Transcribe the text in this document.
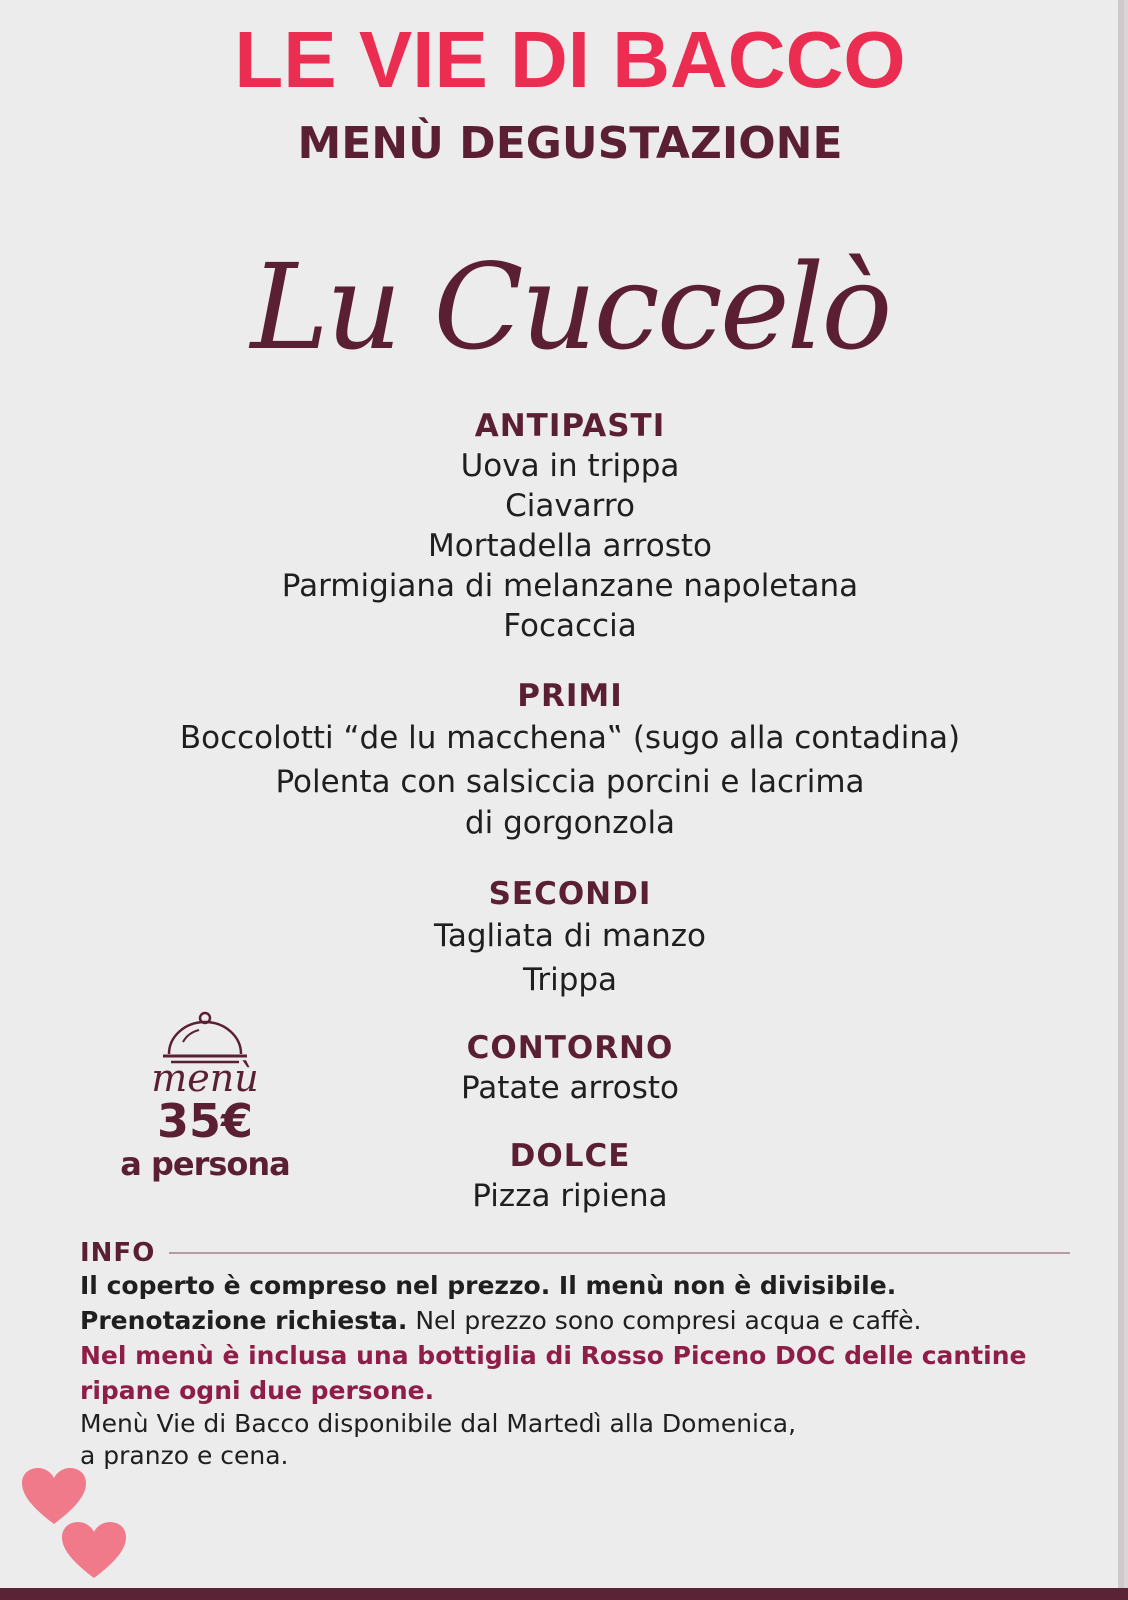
LE VIE DI BACCO
MENÙ DEGUSTAZIONE
Lu Cuccelò
ANTIPASTI
Uova in trippa
Ciavarro
Mortadella arrosto
Parmigiana di melanzane napoletana
Focaccia
PRIMI
Boccolotti “de lu macchena‟ (sugo alla contadina)
Polenta con salsiccia porcini e lacrima
di gorgonzola
SECONDI
Tagliata di manzo
Trippa
CONTORNO
Patate arrosto
DOLCE
Pizza ripiena
menù
35€
a persona
INFO

Il coperto è compreso nel prezzo. Il menù non è divisibile.

Prenotazione richiesta. Nel prezzo sono compresi acqua e caffè.

Nel menù è inclusa una bottiglia di Rosso Piceno DOC delle cantine

ripane ogni due persone.

Menù Vie di Bacco disponibile dal Martedì alla Domenica,

a pranzo e cena.
